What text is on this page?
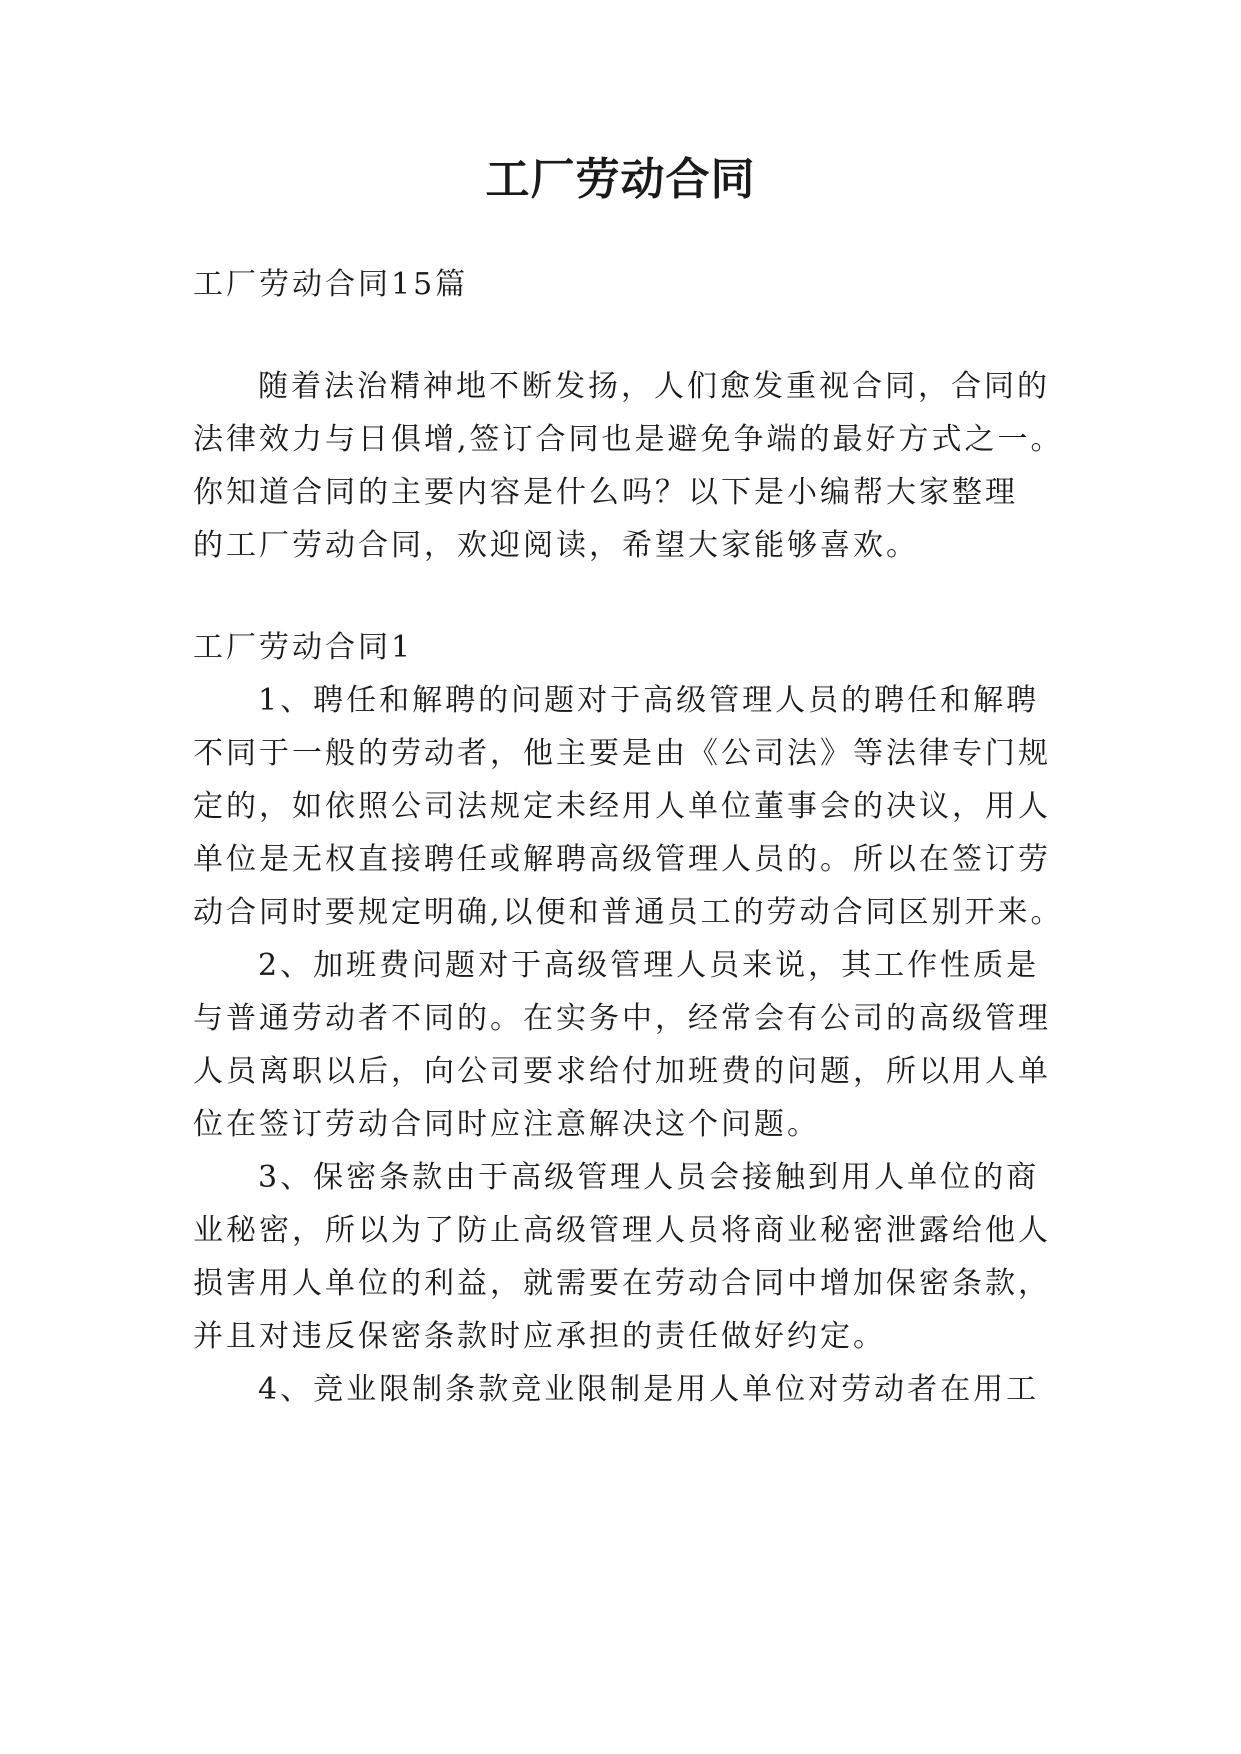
工厂劳动合同

工厂劳动合同15篇

随着法治精神地不断发扬，人们愈发重视合同，合同的

法律效力与日俱增,签订合同也是避免争端的最好方式之一。

你知道合同的主要内容是什么吗？以下是小编帮大家整理

的工厂劳动合同，欢迎阅读，希望大家能够喜欢。

工厂劳动合同1

1、聘任和解聘的问题对于高级管理人员的聘任和解聘

不同于一般的劳动者，他主要是由《公司法》等法律专门规

定的，如依照公司法规定未经用人单位董事会的决议，用人

单位是无权直接聘任或解聘高级管理人员的。所以在签订劳

动合同时要规定明确,以便和普通员工的劳动合同区别开来。

2、加班费问题对于高级管理人员来说，其工作性质是

与普通劳动者不同的。在实务中，经常会有公司的高级管理

人员离职以后，向公司要求给付加班费的问题，所以用人单

位在签订劳动合同时应注意解决这个问题。

3、保密条款由于高级管理人员会接触到用人单位的商

业秘密，所以为了防止高级管理人员将商业秘密泄露给他人

损害用人单位的利益，就需要在劳动合同中增加保密条款，

并且对违反保密条款时应承担的责任做好约定。

4、竞业限制条款竞业限制是用人单位对劳动者在用工
